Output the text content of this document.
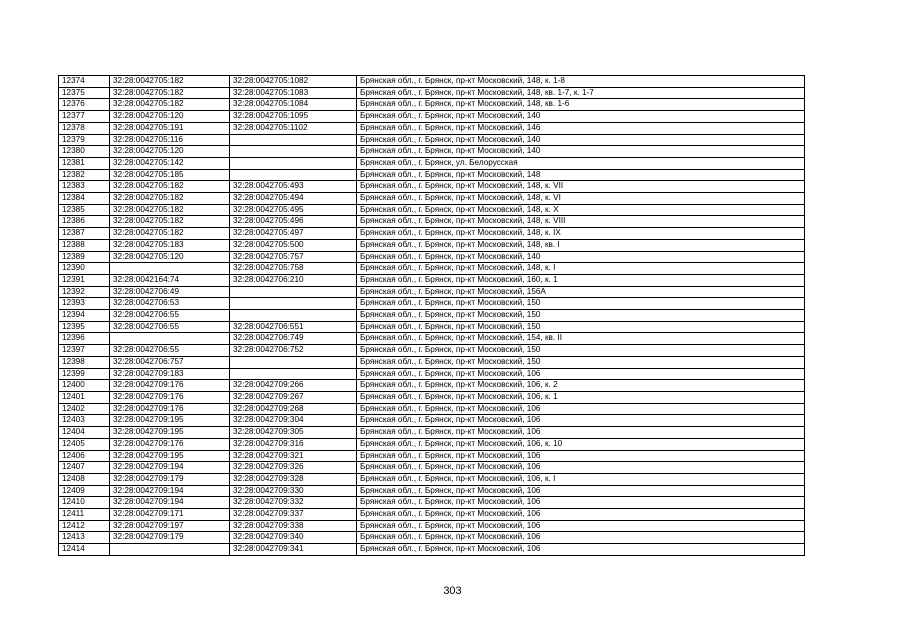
12374	32:28:0042705:182	32:28:0042705:1082	Брянская обл., г. Брянск, пр-кт Московский, 148, к. 1-8
12375	32:28:0042705:182	32:28:0042705:1083	Брянская обл., г. Брянск, пр-кт Московский, 148, кв. 1-7, к. 1-7
12376	32:28:0042705:182	32:28:0042705:1084	Брянская обл., г. Брянск, пр-кт Московский, 148, кв. 1-6
12377	32:28:0042705:120	32:28:0042705:1095	Брянская обл., г. Брянск, пр-кт Московский, 140
12378	32:28:0042705:191	32:28:0042705:1102	Брянская обл., г. Брянск, пр-кт Московский, 146
12379	32:28:0042705:116		Брянская обл., г. Брянск, пр-кт Московский, 140
12380	32:28:0042705:120		Брянская обл., г. Брянск, пр-кт Московский, 140
12381	32:28:0042705:142		Брянская обл., г. Брянск, ул. Белорусская
12382	32:28:0042705:185		Брянская обл., г. Брянск, пр-кт Московский, 148
12383	32:28:0042705:182	32:28:0042705:493	Брянская обл., г. Брянск, пр-кт Московский, 148, к. VII
12384	32:28:0042705:182	32:28:0042705:494	Брянская обл., г. Брянск, пр-кт Московский, 148, к. VI
12385	32:28:0042705:182	32:28:0042705:495	Брянская обл., г. Брянск, пр-кт Московский, 148, к. X
12386	32:28:0042705:182	32:28:0042705:496	Брянская обл., г. Брянск, пр-кт Московский, 148, к. VIII
12387	32:28:0042705:182	32:28:0042705:497	Брянская обл., г. Брянск, пр-кт Московский, 148, к. IX
12388	32:28:0042705:183	32:28:0042705:500	Брянская обл., г. Брянск, пр-кт Московский, 148, кв. I
12389	32:28:0042705:120	32:28:0042705:757	Брянская обл., г. Брянск, пр-кт Московский, 140
12390		32:28:0042705:758	Брянская обл., г. Брянск, пр-кт Московский, 148, к. I
12391	32:28:0042164:74	32:28:0042706:210	Брянская обл., г. Брянск, пр-кт Московский, 160, к. 1
12392	32:28:0042706:49		Брянская обл., г. Брянск, пр-кт Московский, 156А
12393	32:28:0042706:53		Брянская обл., г. Брянск, пр-кт Московский, 150
12394	32:28:0042706:55		Брянская обл., г. Брянск, пр-кт Московский, 150
12395	32:28:0042706:55	32:28:0042706:551	Брянская обл., г. Брянск, пр-кт Московский, 150
12396		32:28:0042706:749	Брянская обл., г. Брянск, пр-кт Московский, 154, кв. II
12397	32:28:0042706:55	32:28:0042706:752	Брянская обл., г. Брянск, пр-кт Московский, 150
12398	32:28:0042706:757		Брянская обл., г. Брянск, пр-кт Московский, 150
12399	32:28:0042709:183		Брянская обл., г. Брянск, пр-кт Московский, 106
12400	32:28:0042709:176	32:28:0042709:266	Брянская обл., г. Брянск, пр-кт Московский, 106, к. 2
12401	32:28:0042709:176	32:28:0042709:267	Брянская обл., г. Брянск, пр-кт Московский, 106, к. 1
12402	32:28:0042709:176	32:28:0042709:268	Брянская обл., г. Брянск, пр-кт Московский, 106
12403	32:28:0042709:195	32:28:0042709:304	Брянская обл., г. Брянск, пр-кт Московский, 106
12404	32:28:0042709:195	32:28:0042709:305	Брянская обл., г. Брянск, пр-кт Московский, 106
12405	32:28:0042709:176	32:28:0042709:316	Брянская обл., г. Брянск, пр-кт Московский, 106, к. 10
12406	32:28:0042709:195	32:28:0042709:321	Брянская обл., г. Брянск, пр-кт Московский, 106
12407	32:28:0042709:194	32:28:0042709:326	Брянская обл., г. Брянск, пр-кт Московский, 106
12408	32:28:0042709:179	32:28:0042709:328	Брянская обл., г. Брянск, пр-кт Московский, 106, к. I
12409	32:28:0042709:194	32:28:0042709:330	Брянская обл., г. Брянск, пр-кт Московский, 106
12410	32:28:0042709:194	32:28:0042709:332	Брянская обл., г. Брянск, пр-кт Московский, 106
12411	32:28:0042709:171	32:28:0042709:337	Брянская обл., г. Брянск, пр-кт Московский, 106
12412	32:28:0042709:197	32:28:0042709:338	Брянская обл., г. Брянск, пр-кт Московский, 106
12413	32:28:0042709:179	32:28:0042709:340	Брянская обл., г. Брянск, пр-кт Московский, 106
12414		32:28:0042709:341	Брянская обл., г. Брянск, пр-кт Московский, 106
303
